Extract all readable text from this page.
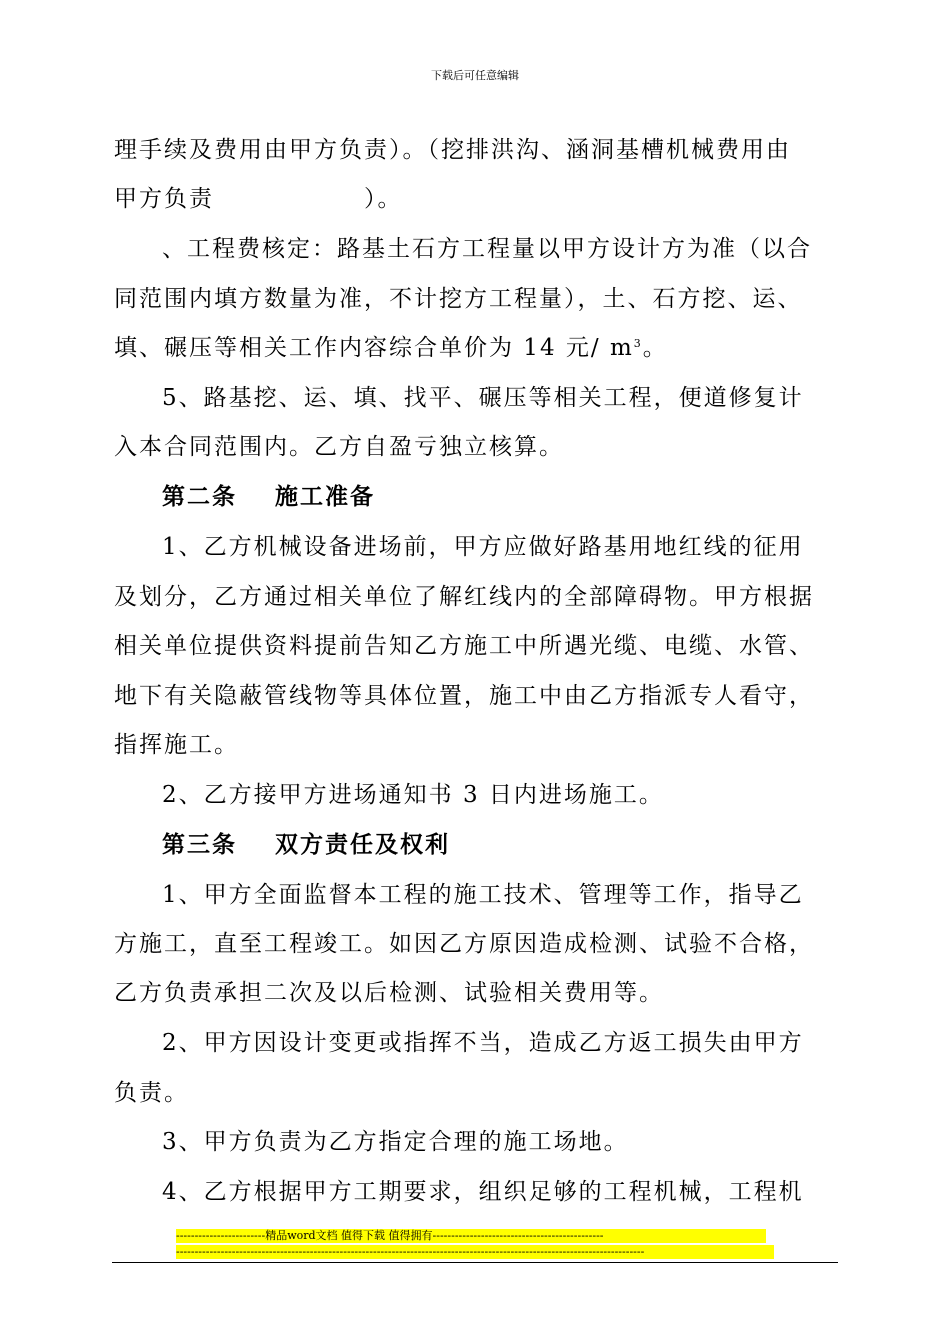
下载后可任意编辑
理手续及费用由甲方负责）。（挖排洪沟、涵洞基槽机械费用由
甲方负责　　　　　　）。
、工程费核定：路基土石方工程量以甲方设计方为准（以合
同范围内填方数量为准，不计挖方工程量），土、石方挖、运、
填、碾压等相关工作内容综合单价为 14 元/ $m^3$。
5、路基挖、运、填、找平、碾压等相关工程，便道修复计
入本合同范围内。乙方自盈亏独立核算。
第二条 施工准备
1、乙方机械设备进场前，甲方应做好路基用地红线的征用
及划分，乙方通过相关单位了解红线内的全部障碍物。甲方根据
相关单位提供资料提前告知乙方施工中所遇光缆、电缆、水管、
地下有关隐蔽管线物等具体位置，施工中由乙方指派专人看守，
指挥施工。
2、乙方接甲方进场通知书 3 日内进场施工。
第三条 双方责任及权利
1、甲方全面监督本工程的施工技术、管理等工作，指导乙
方施工，直至工程竣工。如因乙方原因造成检测、试验不合格，
乙方负责承担二次及以后检测、试验相关费用等。
2、甲方因设计变更或指挥不当，造成乙方返工损失由甲方
负责。
3、甲方负责为乙方指定合理的施工场地。
4、乙方根据甲方工期要求，组织足够的工程机械，工程机
------------------------精品word文档 值得下载 值得拥有----------------------------------------------
------------------------------------------------------------------------------------------------------------------------------
